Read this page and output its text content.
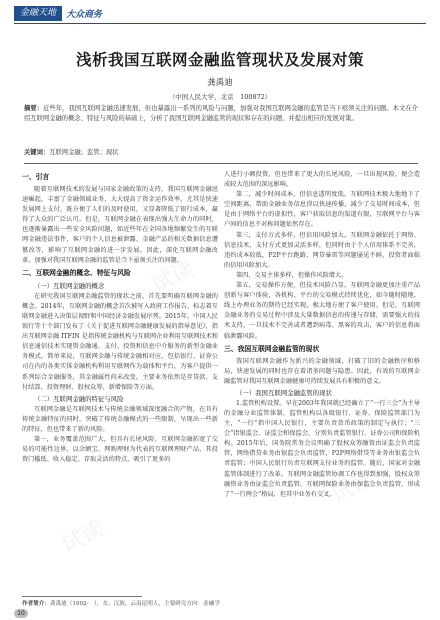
金融天地	大众商务
浅析我国互联网金融监管现状及发展对策
龚禹迪
（中国人民大学，北京　100872）
摘要：近些年，我国互联网金融迅速发展，但也暴露出一系列的风险与问题，加强对我国互联网金融的监管是当下亟须关注的问题。本文在介绍互联网金融的概念、特征与风险的基础上，分析了我国互联网金融监管的现状和存在的问题，并提出相应的发展对策。
关键词：互联网金融；监管；现状
一、引言

随着互联网技术的发展与国家金融政策的支持，我国互联网金融迅速崛起，丰富了金融领域业务，大大提高了资金运作效率，尤其是快速发展网上支付，既方便了人们的及时使用，又显著降低了银行成本，赢得了大众的广泛认可。但是，互联网金融在表现出强大生命力的同时，也逐渐暴露出一些安全风险问题，如近些年在全国各地频繁发生的互联网金融违法事件，客户的个人信息被泄露、金融产品的相关数据信息遭篡改等，影响了互联网金融的进一步发展。因此，深化互联网金融改革，加强对我国互联网金融的监管是当下亟须关注的问题。

二、互联网金融的概念、特征与风险
（一）互联网金融的概念

在研究我国互联网金融监管的现状之前，首先要明确互联网金融的概念。2014年，互联网金融的概念首次被写入政府工作报告，标志着互联网金融进入决策层视野和中国经济金融发展序列。2015年，中国人民银行等十个部门发布了《关于促进互联网金融健康发展的指导意见》，指出互联网金融 ITFIN 是指传统金融机构与互联网企业利用互联网技术和信息通信技术实现资金融通、支付、投资和信息中介服务的新型金融业务模式。简单来说，互联网金融与传统金融相对应，包括银行、证券公司在内的各类实体金融机构利用互联网作为载体和平台，为客户提供一系列综合金融服务，其金融属性尚未改变，主要业务依然是存贷款、支付结算、投资理财、股权众筹、新增保险等方面。

（二）互联网金融的特征与风险

互联网金融是互联网技术与传统金融领域深度融合的产物，在具有传统金融特征的同时，突破了传统金融模式的一些限制，呈现出一些新的特征，但也带来了新的风险。

第一，业务覆盖范围广大，但具有长尾风险。互联网金融拓宽了交易的可能性边界，以余额宝、网购理财为代表的互联网理财产品，其投资门槛低、收入稳定、存取灵活的特点，吸引了更多的

人进行小额投资，但也带来了更大的长尾风险，一旦出现风险，便会造成较大范围的深远影响。

第二，减少时间成本，但信息透明度低。互联网技术极大地地下了空间距离，帮助金融业务信息得以快速传播，减少了交易时间成本，但是由于网络平台的虚拟性，客户获取信息的渠道有限，互联网平台与客户间的信息不对称问题依然存在。

第三，支付方式多样，但信用风险加大。互联网金融依托于网络、信息技术，支付方式更加灵活多样，但同时由于个人信用体系不完善，违约成本较低，P2P平台跑路、网贷暴雷等问题屡见不鲜，投资者面临的信用风险加大。

第四，交易主体多样，但操作风险增大。

第五，交易操作方便，但技术风险凸显。互联网金融更加注重产品创新与客户体验，各机构、平台的交易模式持续优化，如今随时随地、线上办理业务的期待已经实现，极大地方便了客户使用。但是，互联网金融业务的交易过程中涉及大量数据信息的传递与存储，需要强大的技术支持，一旦技术不完善或者遭到病毒、黑客的攻击，客户的信息将面临泄露风险。

三、我国互联网金融监管的现状

我国互联网金融作为新兴的金融领域，打破了旧的金融秩序和格局，快速发展的同时也存在着诸多问题与隐患。因此，有效的互联网金融监管对我国互联网金融健康可持续发展具有积极的意义。

（一）我国互联网金融监管的现状

1.监管机构设置。早在2003年我国就已经确立了“一行三会”为主导的金融分业监管体制，监管机构以各级银行、证券、保险监管部门为主，“一行”指中国人民银行，主要负责货币政策的制定与执行；“三会”指银监会、证监会和保监会，分别负责监管银行、证券公司和保险机构。2015年后，国务院常务会议明确了股权众筹融资由证监会负责监管，网络借贷业务由银监会负责监管，P2P网络借贷等业务由银监会负责监管；中国人民银行负责互联网支付业务的监管。随后，国家对金融监管体制进行了改革，互联网金融监管协调工作也得到加强，股权众筹融资业务由证监会负责监管，互联网保险业务由保监会负责监管，形成了“一行两会”格局，但其中业务有交叉。

作者简介：龚禹迪（1992-　），女，汉族，云南昆明人，主要研究方向：金融学
10
试读
试读
试读
